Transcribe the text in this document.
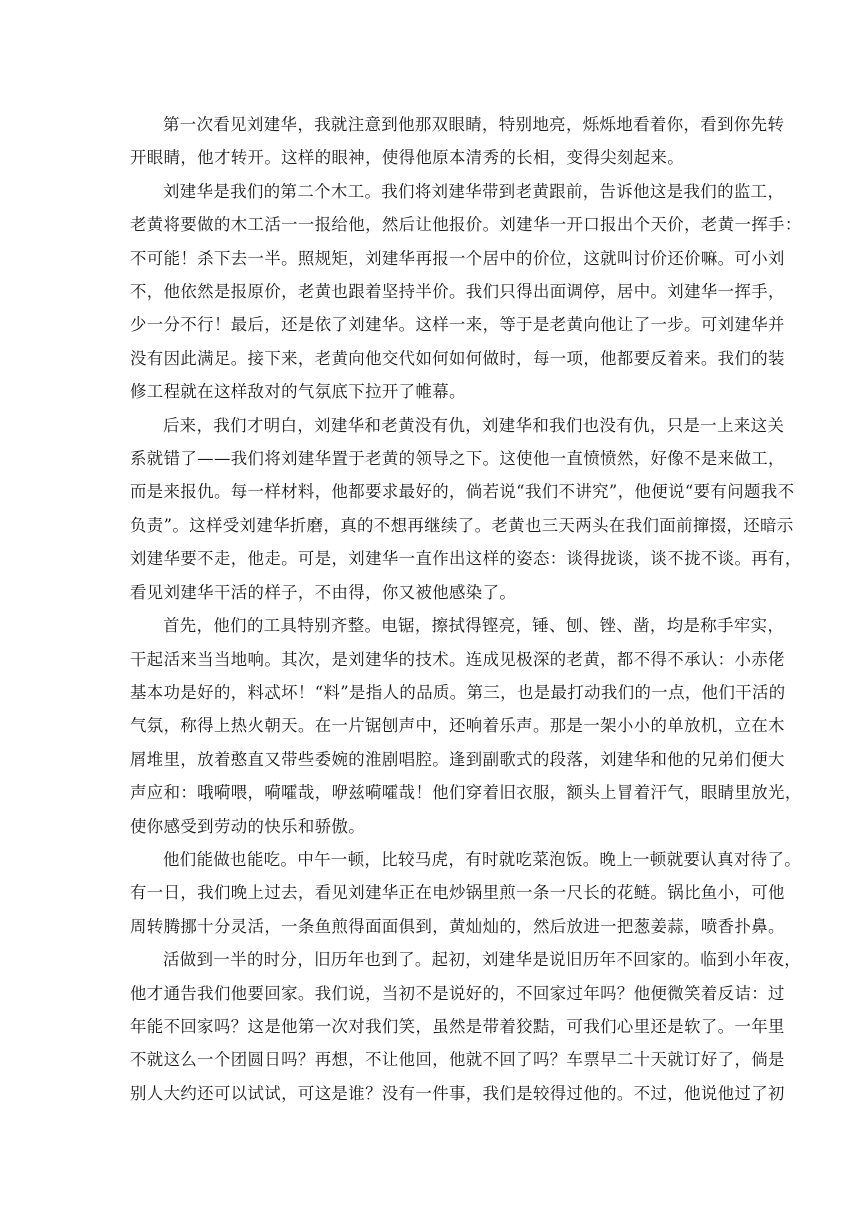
第一次看见刘建华，我就注意到他那双眼睛，特别地亮，烁烁地看着你，看到你先转
开眼睛，他才转开。这样的眼神，使得他原本清秀的长相，变得尖刻起来。
刘建华是我们的第二个木工。我们将刘建华带到老黄跟前，告诉他这是我们的监工，
老黄将要做的木工活一一报给他，然后让他报价。刘建华一开口报出个天价，老黄一挥手：
不可能！杀下去一半。照规矩，刘建华再报一个居中的价位，这就叫讨价还价嘛。可小刘
不，他依然是报原价，老黄也跟着坚持半价。我们只得出面调停，居中。刘建华一挥手，
少一分不行！最后，还是依了刘建华。这样一来，等于是老黄向他让了一步。可刘建华并
没有因此满足。接下来，老黄向他交代如何如何做时，每一项，他都要反着来。我们的装
修工程就在这样敌对的气氛底下拉开了帷幕。
后来，我们才明白，刘建华和老黄没有仇，刘建华和我们也没有仇，只是一上来这关
系就错了——我们将刘建华置于老黄的领导之下。这使他一直愤愤然，好像不是来做工，
而是来报仇。每一样材料，他都要求最好的，倘若说“我们不讲究”，他便说“要有问题我不
负责”。这样受刘建华折磨，真的不想再继续了。老黄也三天两头在我们面前撺掇，还暗示
刘建华要不走，他走。可是，刘建华一直作出这样的姿态：谈得拢谈，谈不拢不谈。再有，
看见刘建华干活的样子，不由得，你又被他感染了。
首先，他们的工具特别齐整。电锯，擦拭得铿亮，锤、刨、锉、凿，均是称手牢实，
干起活来当当地响。其次，是刘建华的技术。连成见极深的老黄，都不得不承认：小赤佬
基本功是好的，料忒坏！“料”是指人的品质。第三，也是最打动我们的一点，他们干活的
气氛，称得上热火朝天。在一片锯刨声中，还响着乐声。那是一架小小的单放机，立在木
屑堆里，放着憨直又带些委婉的淮剧唱腔。逢到副歌式的段落，刘建华和他的兄弟们便大
声应和：哦嗬喂，嗬嚯哉，咿兹嗬嚯哉！他们穿着旧衣服，额头上冒着汗气，眼睛里放光，
使你感受到劳动的快乐和骄傲。
他们能做也能吃。中午一顿，比较马虎，有时就吃菜泡饭。晚上一顿就要认真对待了。
有一日，我们晚上过去，看见刘建华正在电炒锅里煎一条一尺长的花鲢。锅比鱼小，可他
周转腾挪十分灵活，一条鱼煎得面面俱到，黄灿灿的，然后放进一把葱姜蒜，喷香扑鼻。
活做到一半的时分，旧历年也到了。起初，刘建华是说旧历年不回家的。临到小年夜，
他才通告我们他要回家。我们说，当初不是说好的，不回家过年吗？他便微笑着反诘：过
年能不回家吗？这是他第一次对我们笑，虽然是带着狡黠，可我们心里还是软了。一年里
不就这么一个团圆日吗？再想，不让他回，他就不回了吗？车票早二十天就订好了，倘是
别人大约还可以试试，可这是谁？没有一件事，我们是较得过他的。不过，他说他过了初
